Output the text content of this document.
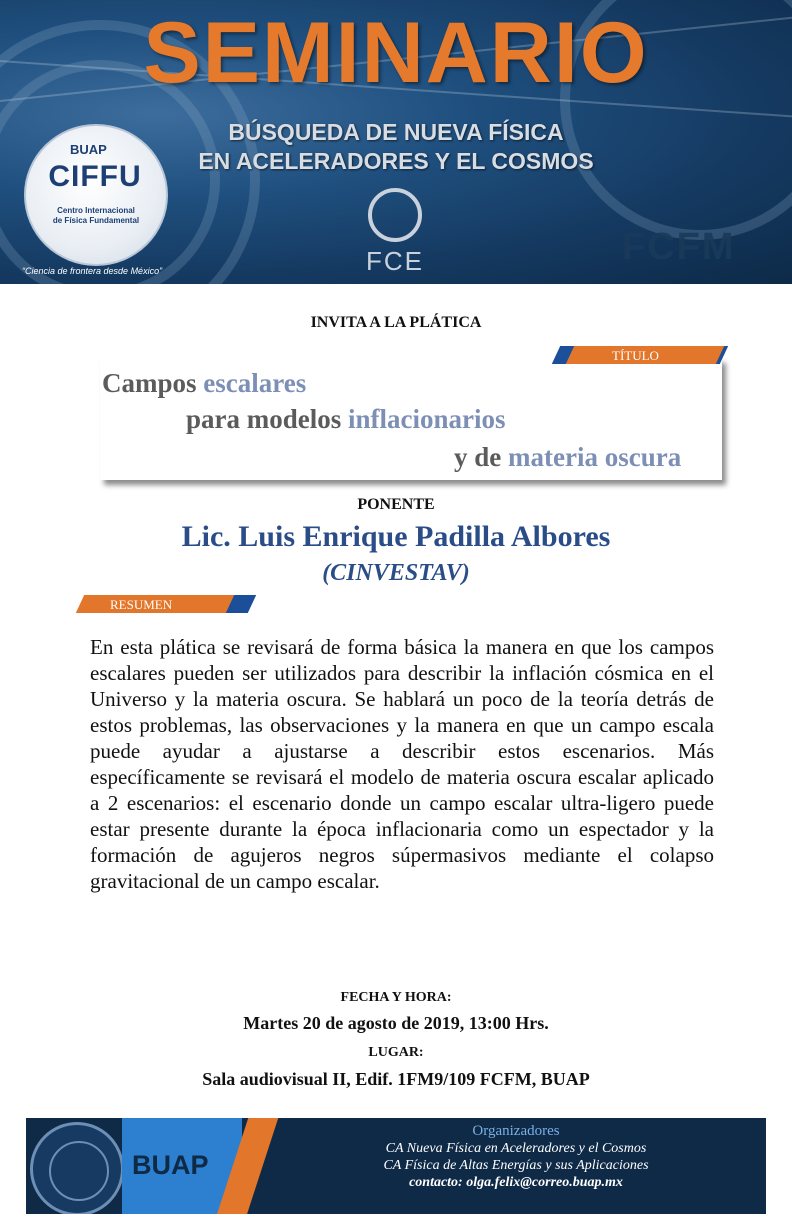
SEMINARIO
BÚSQUEDA DE NUEVA FÍSICA
EN ACELERADORES Y EL COSMOS
BUAP
CIFFU
Centro Internacional
de Física Fundamental
“Ciencia de frontera desde México”	FCE	FCFM
INVITA A LA PLÁTICA
TÍTULO
Campos escalares
para modelos inflacionarios
y de materia oscura
PONENTE
Lic. Luis Enrique Padilla Albores
(CINVESTAV)
RESUMEN
En esta plática se revisará de forma básica la manera en que los campos escalares pueden ser utilizados para describir la inflación cósmica en el Universo y la materia oscura. Se hablará un poco de la teoría detrás de estos problemas, las observaciones y la manera en que un campo escala puede ayudar a ajustarse a describir estos escenarios. Más específicamente se revisará el modelo de materia oscura escalar aplicado a 2 escenarios: el escenario donde un campo escalar ultra-ligero puede estar presente durante la época inflacionaria como un espectador y la formación de agujeros negros súpermasivos mediante el colapso gravitacional de un campo escalar.
FECHA Y HORA:
Martes 20 de agosto de 2019, 13:00 Hrs.
LUGAR:
Sala audiovisual II, Edif. 1FM9/109 FCFM, BUAP
BUAP
Organizadores
CA Nueva Física en Aceleradores y el Cosmos
CA Física de Altas Energías y sus Aplicaciones
contacto: olga.felix@correo.buap.mx
